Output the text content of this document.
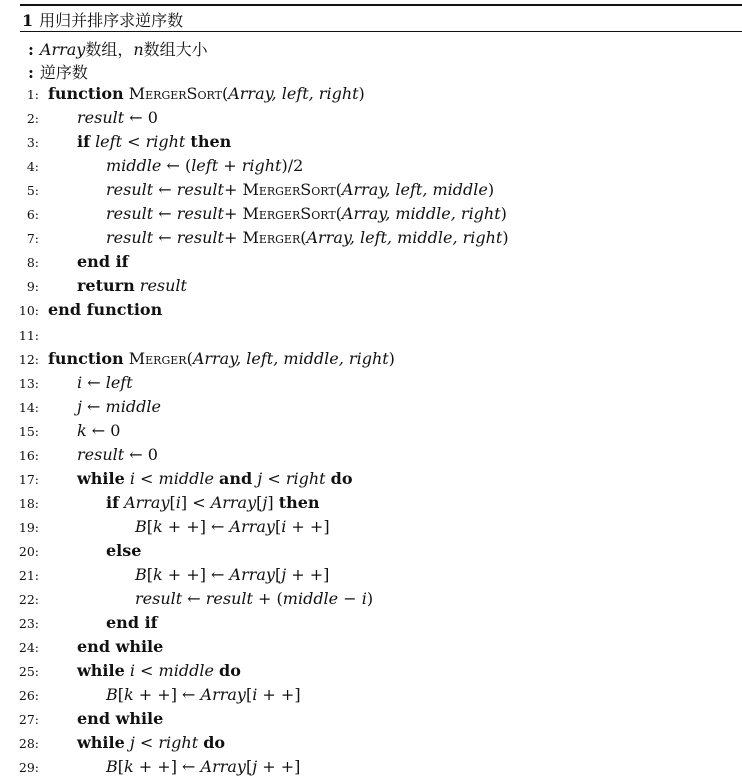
1 用归并排序求逆序数
: Array数组，n数组大小
: 逆序数
1: function MergerSort(Array, left, right)
2: result ← 0
3: if left < right then
4:	middle ← (left + right)/2
5:	result ← result+ MergerSort(Array, left, middle)
6:	result ← result+ MergerSort(Array, middle, right)
7:	result ← result+ Merger(Array, left, middle, right)
8: end if
9: return result
10: end function
11:
12: function Merger(Array, left, middle, right)
13: i ← left
14: j ← middle
15: k ← 0
16: result ← 0
17: while i < middle and j < right do
18:	if Array[i] < Array[j] then
19:	B[k + +] ← Array[i + +]
20:	else
21:	B[k + +] ← Array[j + +]
22:	result ← result + (middle − i)
23:	end if
24: end while
25: while i < middle do
26:	B[k + +] ← Array[i + +]
27: end while
28: while j < right do
29:	B[k + +] ← Array[j + +]
